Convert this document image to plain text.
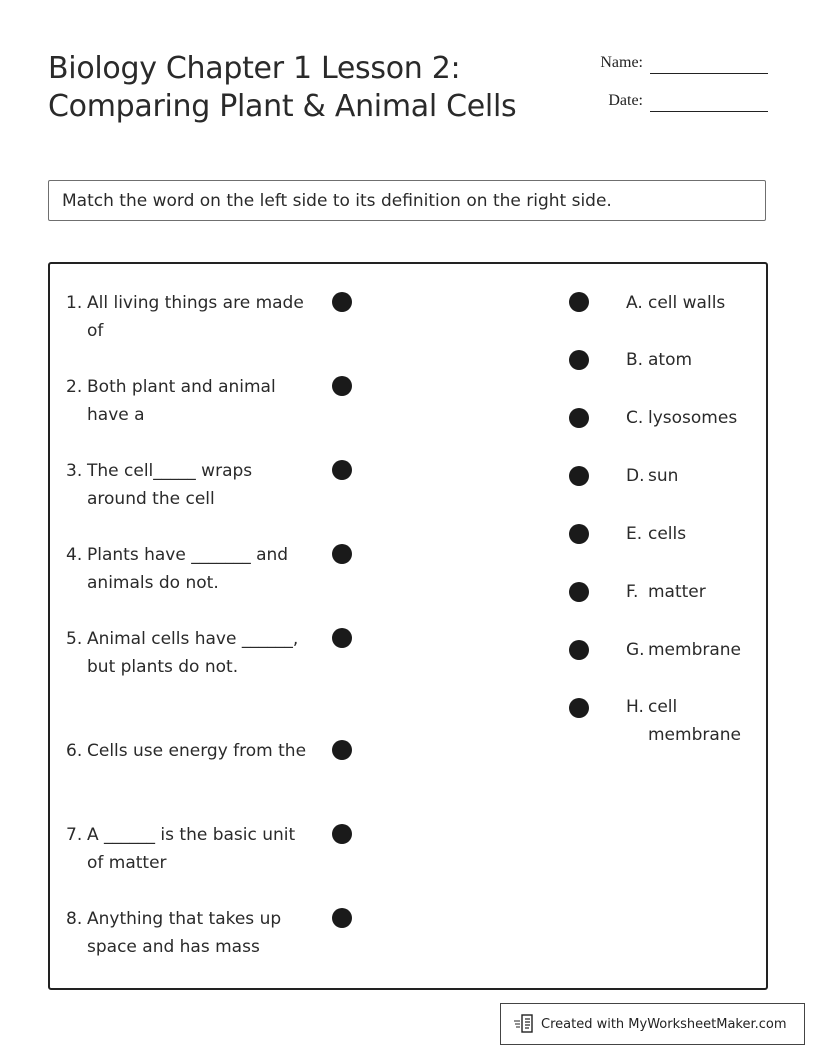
Biology Chapter 1 Lesson 2:
Comparing Plant & Animal Cells
Name:
Date:
Match the word on the left side to its definition on the right side.
1. All living things are made of
2. Both plant and animal have a
3. The cell_____ wraps around the cell
4. Plants have _______ and animals do not.
5. Animal cells have ______, but plants do not.
6. Cells use energy from the
7. A ______ is the basic unit of matter
8. Anything that takes up space and has mass
A. cell walls
B. atom
C. lysosomes
D. sun
E. cells
F. matter
G. membrane
H. cell membrane
Created with MyWorksheetMaker.com
